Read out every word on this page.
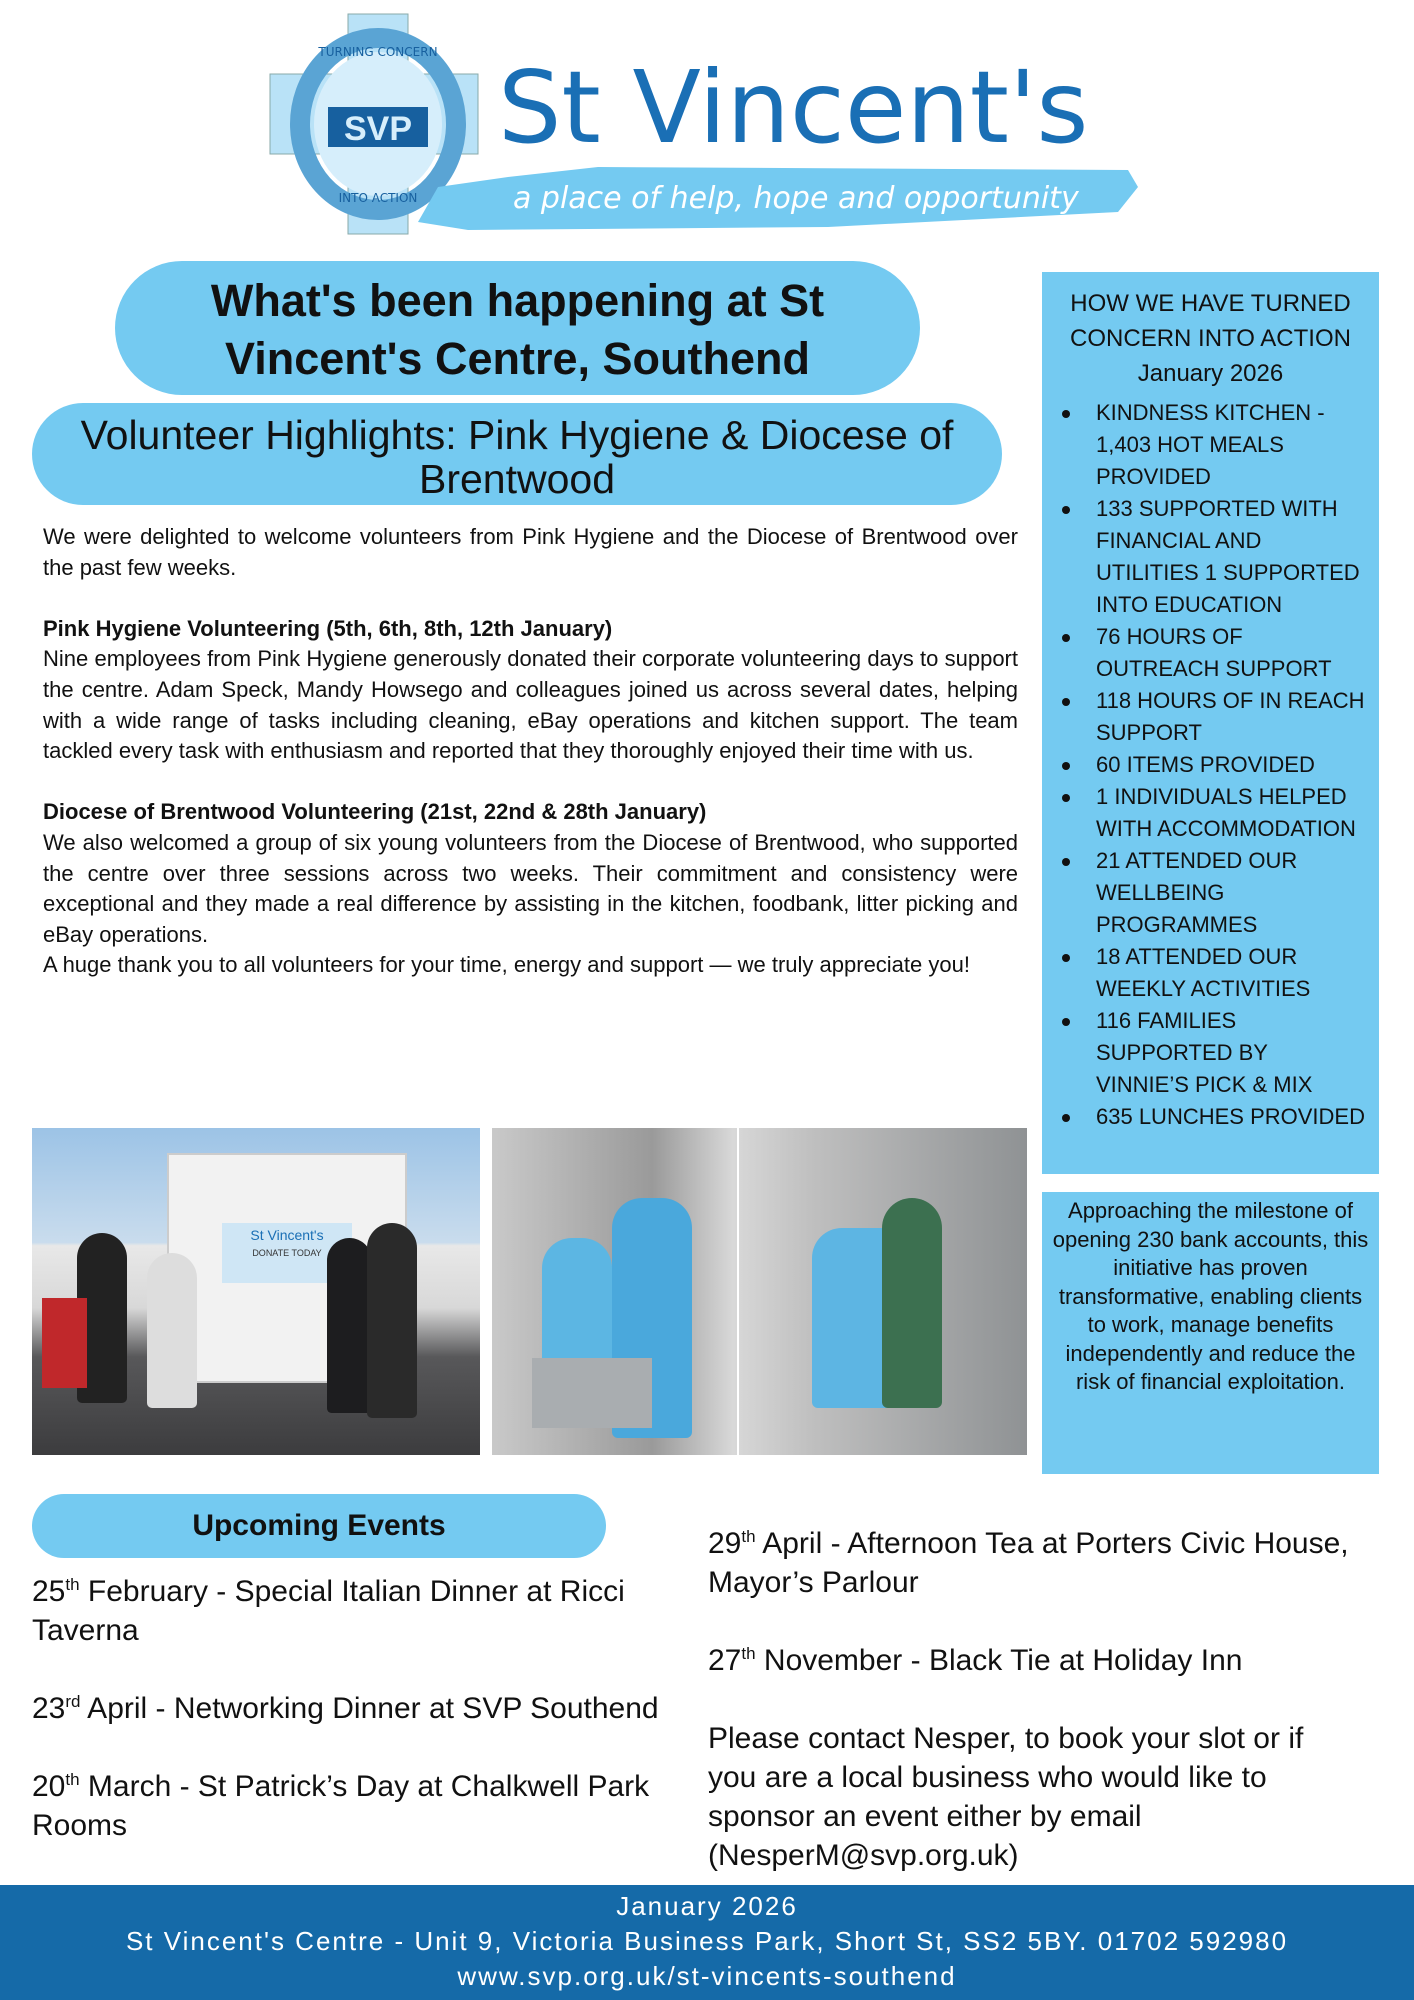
SVP
TURNING CONCERN
INTO ACTION
St Vincent's
a place of help, hope and opportunity
What's been happening at St Vincent's Centre, Southend
Volunteer Highlights: Pink Hygiene & Diocese of Brentwood

We were delighted to welcome volunteers from Pink Hygiene and the Diocese of Brentwood over the past few weeks.

Pink Hygiene Volunteering (5th, 6th, 8th, 12th January)
Nine employees from Pink Hygiene generously donated their corporate volunteering days to support the centre. Adam Speck, Mandy Howsego and colleagues joined us across several dates, helping with a wide range of tasks including cleaning, eBay operations and kitchen support. The team tackled every task with enthusiasm and reported that they thoroughly enjoyed their time with us.
Diocese of Brentwood Volunteering (21st, 22nd & 28th January)
We also welcomed a group of six young volunteers from the Diocese of Brentwood, who supported the centre over three sessions across two weeks. Their commitment and consistency were exceptional and they made a real difference by assisting in the kitchen, foodbank, litter picking and eBay operations.
A huge thank you to all volunteers for your time, energy and support — we truly appreciate you!
HOW WE HAVE TURNED CONCERN INTO ACTION
January 2026
KINDNESS KITCHEN - 1,403 HOT MEALS PROVIDED
133 SUPPORTED WITH FINANCIAL AND UTILITIES 1 SUPPORTED INTO EDUCATION
76 HOURS OF OUTREACH SUPPORT
118 HOURS OF IN REACH SUPPORT
60 ITEMS PROVIDED
1 INDIVIDUALS HELPED WITH ACCOMMODATION
21 ATTENDED OUR WELLBEING PROGRAMMES
18 ATTENDED OUR WEEKLY ACTIVITIES
116 FAMILIES SUPPORTED BY VINNIE’S PICK & MIX
635 LUNCHES PROVIDED
Approaching the milestone of opening 230 bank accounts, this initiative has proven transformative, enabling clients to work, manage benefits independently and reduce the risk of financial exploitation.
St Vincent's
DONATE TODAY
Upcoming Events
25th February - Special Italian Dinner at Ricci Taverna
23rd April - Networking Dinner at SVP Southend
20th March - St Patrick’s Day at Chalkwell Park Rooms
29th April - Afternoon Tea at Porters Civic House, Mayor’s Parlour
27th November - Black Tie at Holiday Inn
Please contact Nesper, to book your slot or if you are a local business who would like to sponsor an event either by email (NesperM@svp.org.uk)
January 2026
St Vincent's Centre - Unit 9, Victoria Business Park, Short St, SS2 5BY. 01702 592980
www.svp.org.uk/st-vincents-southend
